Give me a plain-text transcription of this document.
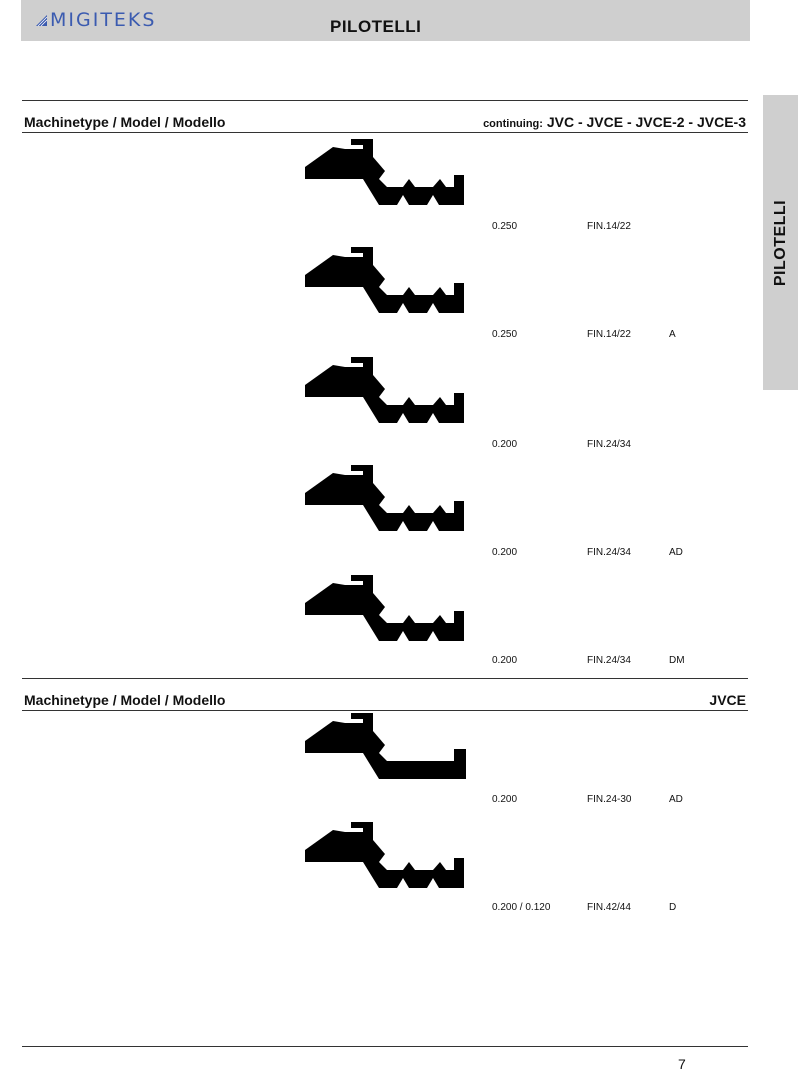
MIGITEKS	PILOTELLI
PILOTELLI
Machinetype / Model / Modello	continuing: JVC - JVCE - JVCE-2 - JVCE-3
0.250	FIN.14/22
0.250	FIN.14/22	A
0.200	FIN.24/34
0.200	FIN.24/34	AD
0.200	FIN.24/34	DM
Machinetype / Model / Modello	JVCE
0.200	FIN.24-30	AD
0.200 / 0.120	FIN.42/44	D
7
